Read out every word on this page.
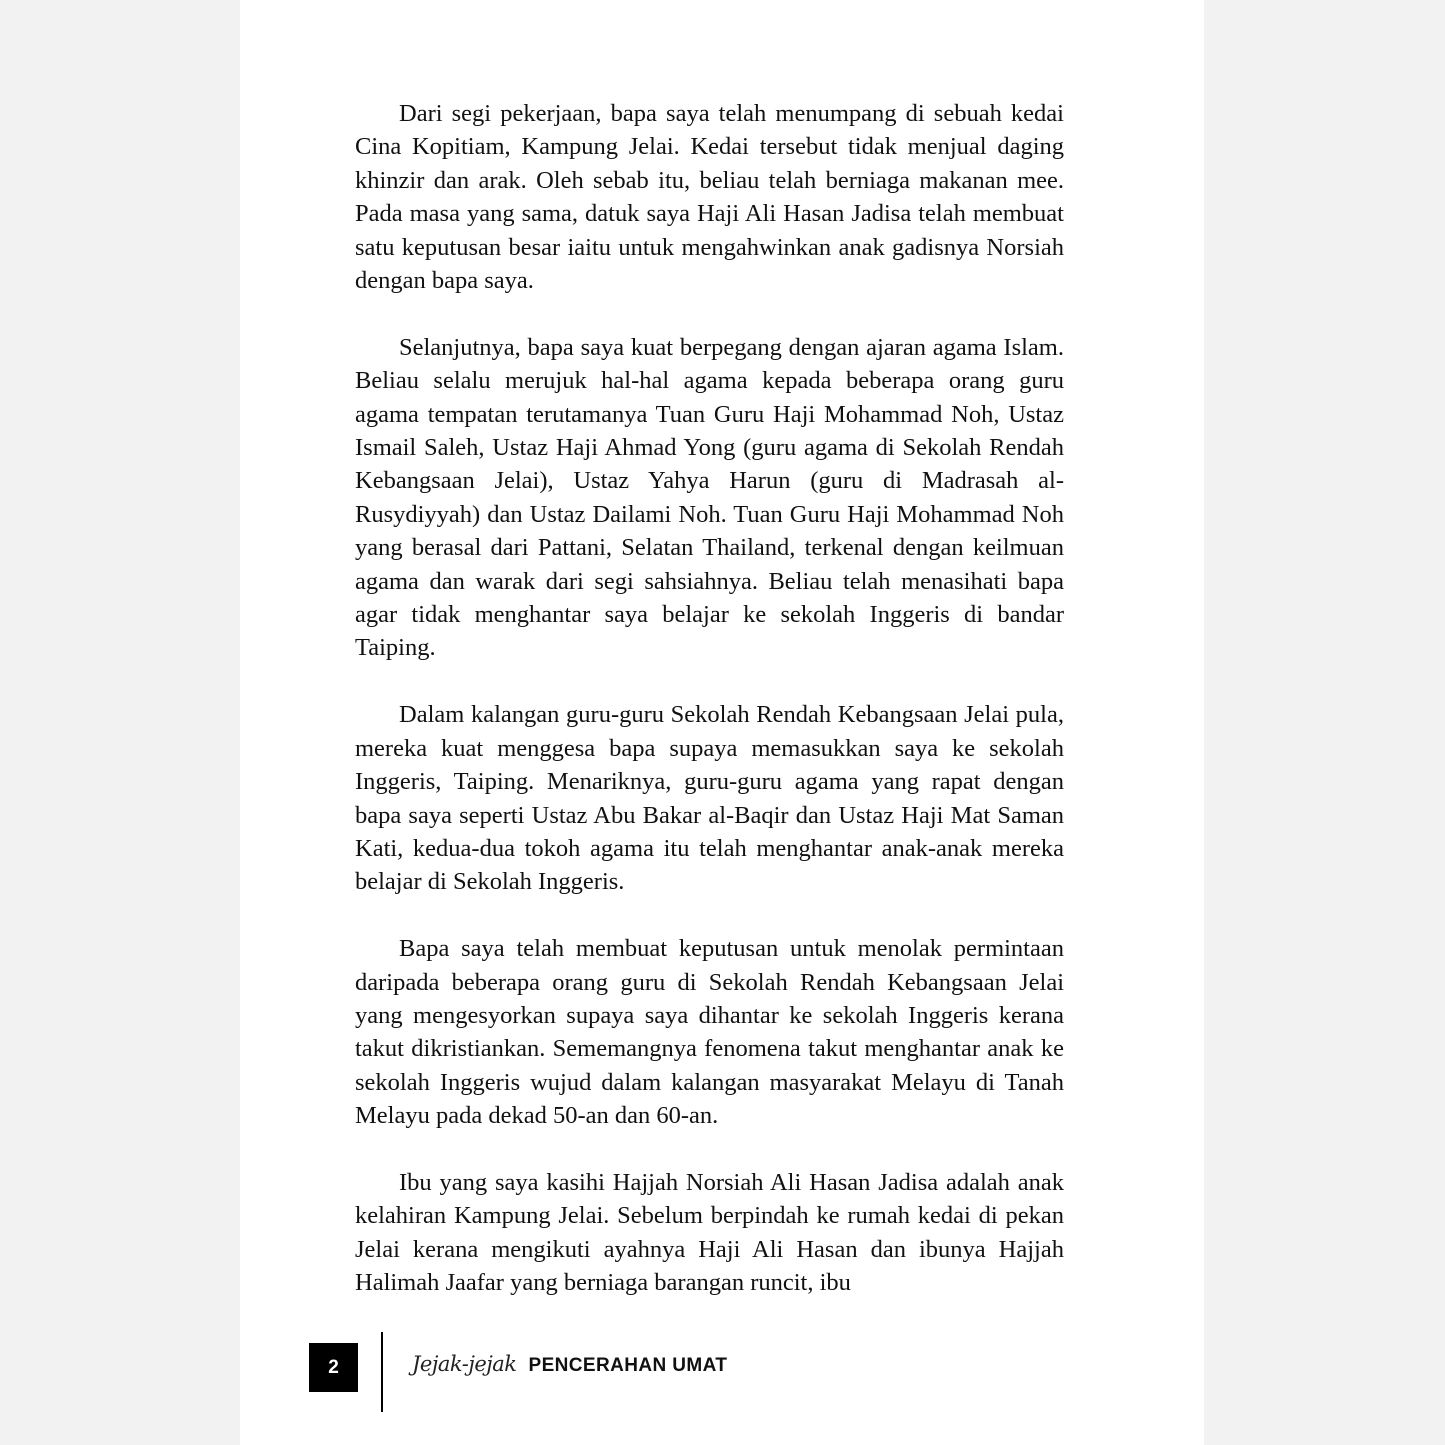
Dari segi pekerjaan, bapa saya telah menumpang di sebuah kedai Cina Kopitiam, Kampung Jelai. Kedai tersebut tidak menjual daging khinzir dan arak. Oleh sebab itu, beliau telah berniaga makanan mee. Pada masa yang sama, datuk saya Haji Ali Hasan Jadisa telah membuat satu keputusan besar iaitu untuk mengahwinkan anak gadisnya Norsiah dengan bapa saya.

Selanjutnya, bapa saya kuat berpegang dengan ajaran agama Islam. Beliau selalu merujuk hal-hal agama kepada beberapa orang guru agama tempatan terutamanya Tuan Guru Haji Mohammad Noh, Ustaz Ismail Saleh, Ustaz Haji Ahmad Yong (guru agama di Sekolah Rendah Kebangsaan Jelai), Ustaz Yahya Harun (guru di Madrasah al-Rusydiyyah) dan Ustaz Dailami Noh. Tuan Guru Haji Mohammad Noh yang berasal dari Pattani, Selatan Thailand, terkenal dengan keilmuan agama dan warak dari segi sahsiahnya. Beliau telah menasihati bapa agar tidak menghantar saya belajar ke sekolah Inggeris di bandar Taiping.

Dalam kalangan guru-guru Sekolah Rendah Kebangsaan Jelai pula, mereka kuat menggesa bapa supaya memasukkan saya ke sekolah Inggeris, Taiping. Menariknya, guru-guru agama yang rapat dengan bapa saya seperti Ustaz Abu Bakar al-Baqir dan Ustaz Haji Mat Saman Kati, kedua-dua tokoh agama itu telah menghantar anak-anak mereka belajar di Sekolah Inggeris.

Bapa saya telah membuat keputusan untuk menolak permintaan daripada beberapa orang guru di Sekolah Rendah Kebangsaan Jelai yang mengesyorkan supaya saya dihantar ke sekolah Inggeris kerana takut dikristiankan. Sememangnya fenomena takut menghantar anak ke sekolah Inggeris wujud dalam kalangan masyarakat Melayu di Tanah Melayu pada dekad 50-an dan 60-an.

Ibu yang saya kasihi Hajjah Norsiah Ali Hasan Jadisa adalah anak kelahiran Kampung Jelai. Sebelum berpindah ke rumah kedai di pekan Jelai kerana mengikuti ayahnya Haji Ali Hasan dan ibunya Hajjah Halimah Jaafar yang berniaga barangan runcit, ibu

2	Jejak-jejak PENCERAHAN UMAT
